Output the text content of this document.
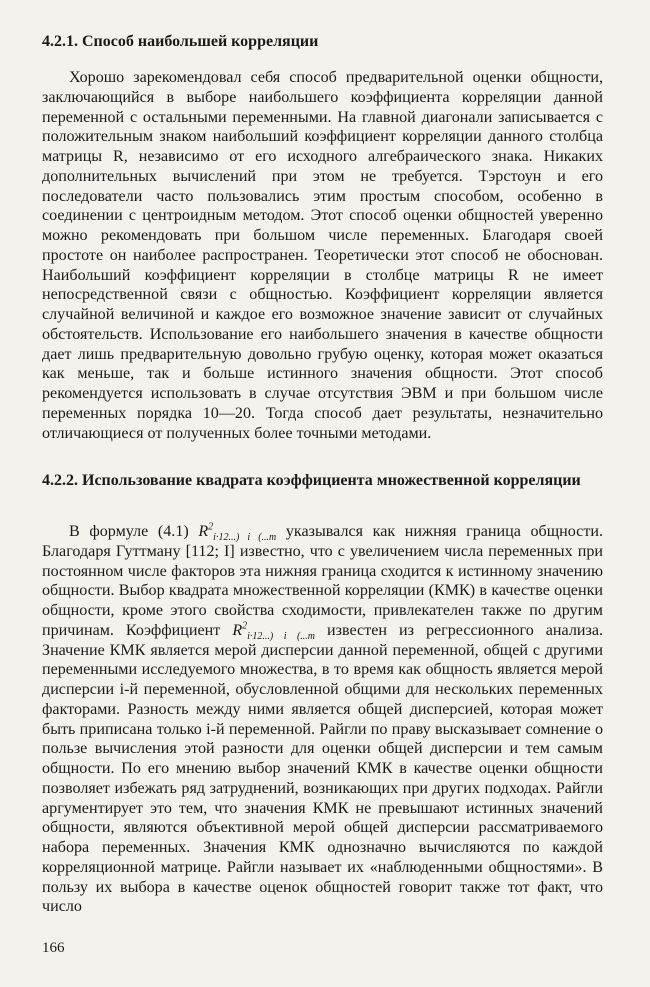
4.2.1. Способ наибольшей корреляции

Хорошо зарекомендовал себя способ предварительной оценки общности, заключающийся в выборе наибольшего коэффициента корреляции данной переменной с остальными переменными. На главной диагонали записывается с положительным знаком наибольший коэффициент корреляции данного столбца матрицы R, независимо от его исходного алгебраического знака. Никаких дополнительных вычислений при этом не требуется. Тэрстоун и его последователи часто пользовались этим простым способом, особенно в соединении с центроидным методом. Этот способ оценки общностей уверенно можно рекомендовать при большом числе переменных. Благодаря своей простоте он наиболее распространен. Теоретически этот способ не обоснован. Наибольший коэффициент корреляции в столбце матрицы R не имеет непосредственной связи с общностью. Коэффициент корреляции является случайной величиной и каждое его возможное значение зависит от случайных обстоятельств. Использование его наибольшего значения в качестве общности дает лишь предварительную довольно грубую оценку, которая может оказаться как меньше, так и больше истинного значения общности. Этот способ рекомендуется использовать в случае отсутствия ЭВМ и при большом числе переменных порядка 10—20. Тогда способ дает результаты, незначительно отличающиеся от полученных более точными методами.

4.2.2. Использование квадрата коэффициента множественной корреляции

В формуле (4.1) $R^2_{i\cdot 12...) i (...m}$ указывался как нижняя граница общности. Благодаря Гуттману [112; I] известно, что с увеличением числа переменных при постоянном числе факторов эта нижняя граница сходится к истинному значению общности. Выбор квадрата множественной корреляции (КМК) в качестве оценки общности, кроме этого свойства сходимости, привлекателен также по другим причинам. Коэффициент $R^2_{i\cdot 12...) i (...m}$ известен из регрессионного анализа. Значение КМК является мерой дисперсии данной переменной, общей с другими переменными исследуемого множества, в то время как общность является мерой дисперсии i-й переменной, обусловленной общими для нескольких переменных факторами. Разность между ними является общей дисперсией, которая может быть приписана только i-й переменной. Райгли по праву высказывает сомнение о пользе вычисления этой разности для оценки общей дисперсии и тем самым общности. По его мнению выбор значений КМК в качестве оценки общности позволяет избежать ряд затруднений, возникающих при других подходах. Райгли аргументирует это тем, что значения КМК не превышают истинных значений общности, являются объективной мерой общей дисперсии рассматриваемого набора переменных. Значения КМК однозначно вычисляются по каждой корреляционной матрице. Райгли называет их «наблюденными общностями». В пользу их выбора в качестве оценок общностей говорит также тот факт, что число

166
